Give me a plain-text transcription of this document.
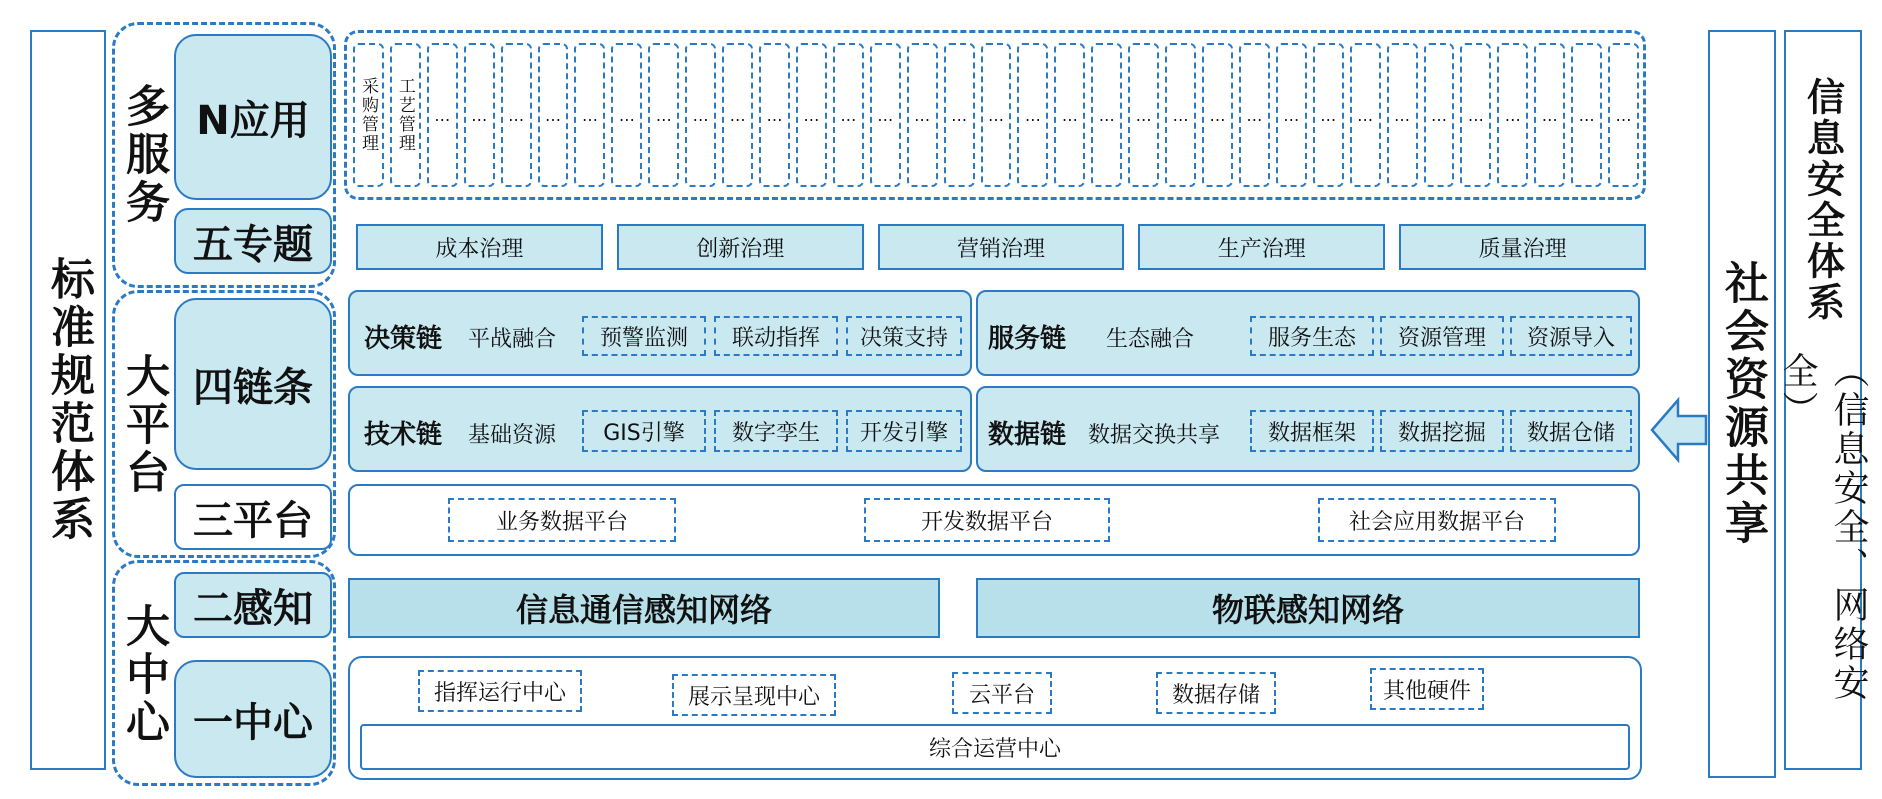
标准规范体系
多服务
大平台
大中心
N应用
五专题
四链条
三平台
二感知
一中心
采购管理 工艺管理	…	…	…	…	…	…	…	…	…	…	…	…	…	…	…	…	…	…	…	…	…	…	…	…	…	…	…	…	…	…	…	…	…
成本治理	创新治理	营销治理	生产治理	质量治理
决策链 平战融合	预警监测	联动指挥	决策支持	服务链 生态融合	服务生态	资源管理	资源导入
技术链 基础资源	GIS引擎	数字孪生	开发引擎	数据链 数据交换共享	数据框架	数据挖掘	数据仓储
业务数据平台	开发数据平台	社会应用数据平台
信息通信感知网络	物联感知网络
指挥运行中心	展示呈现中心	云平台	数据存储	其他硬件
综合运营中心
社会资源共享
信息安全体系
（信息安全、网络安全）
